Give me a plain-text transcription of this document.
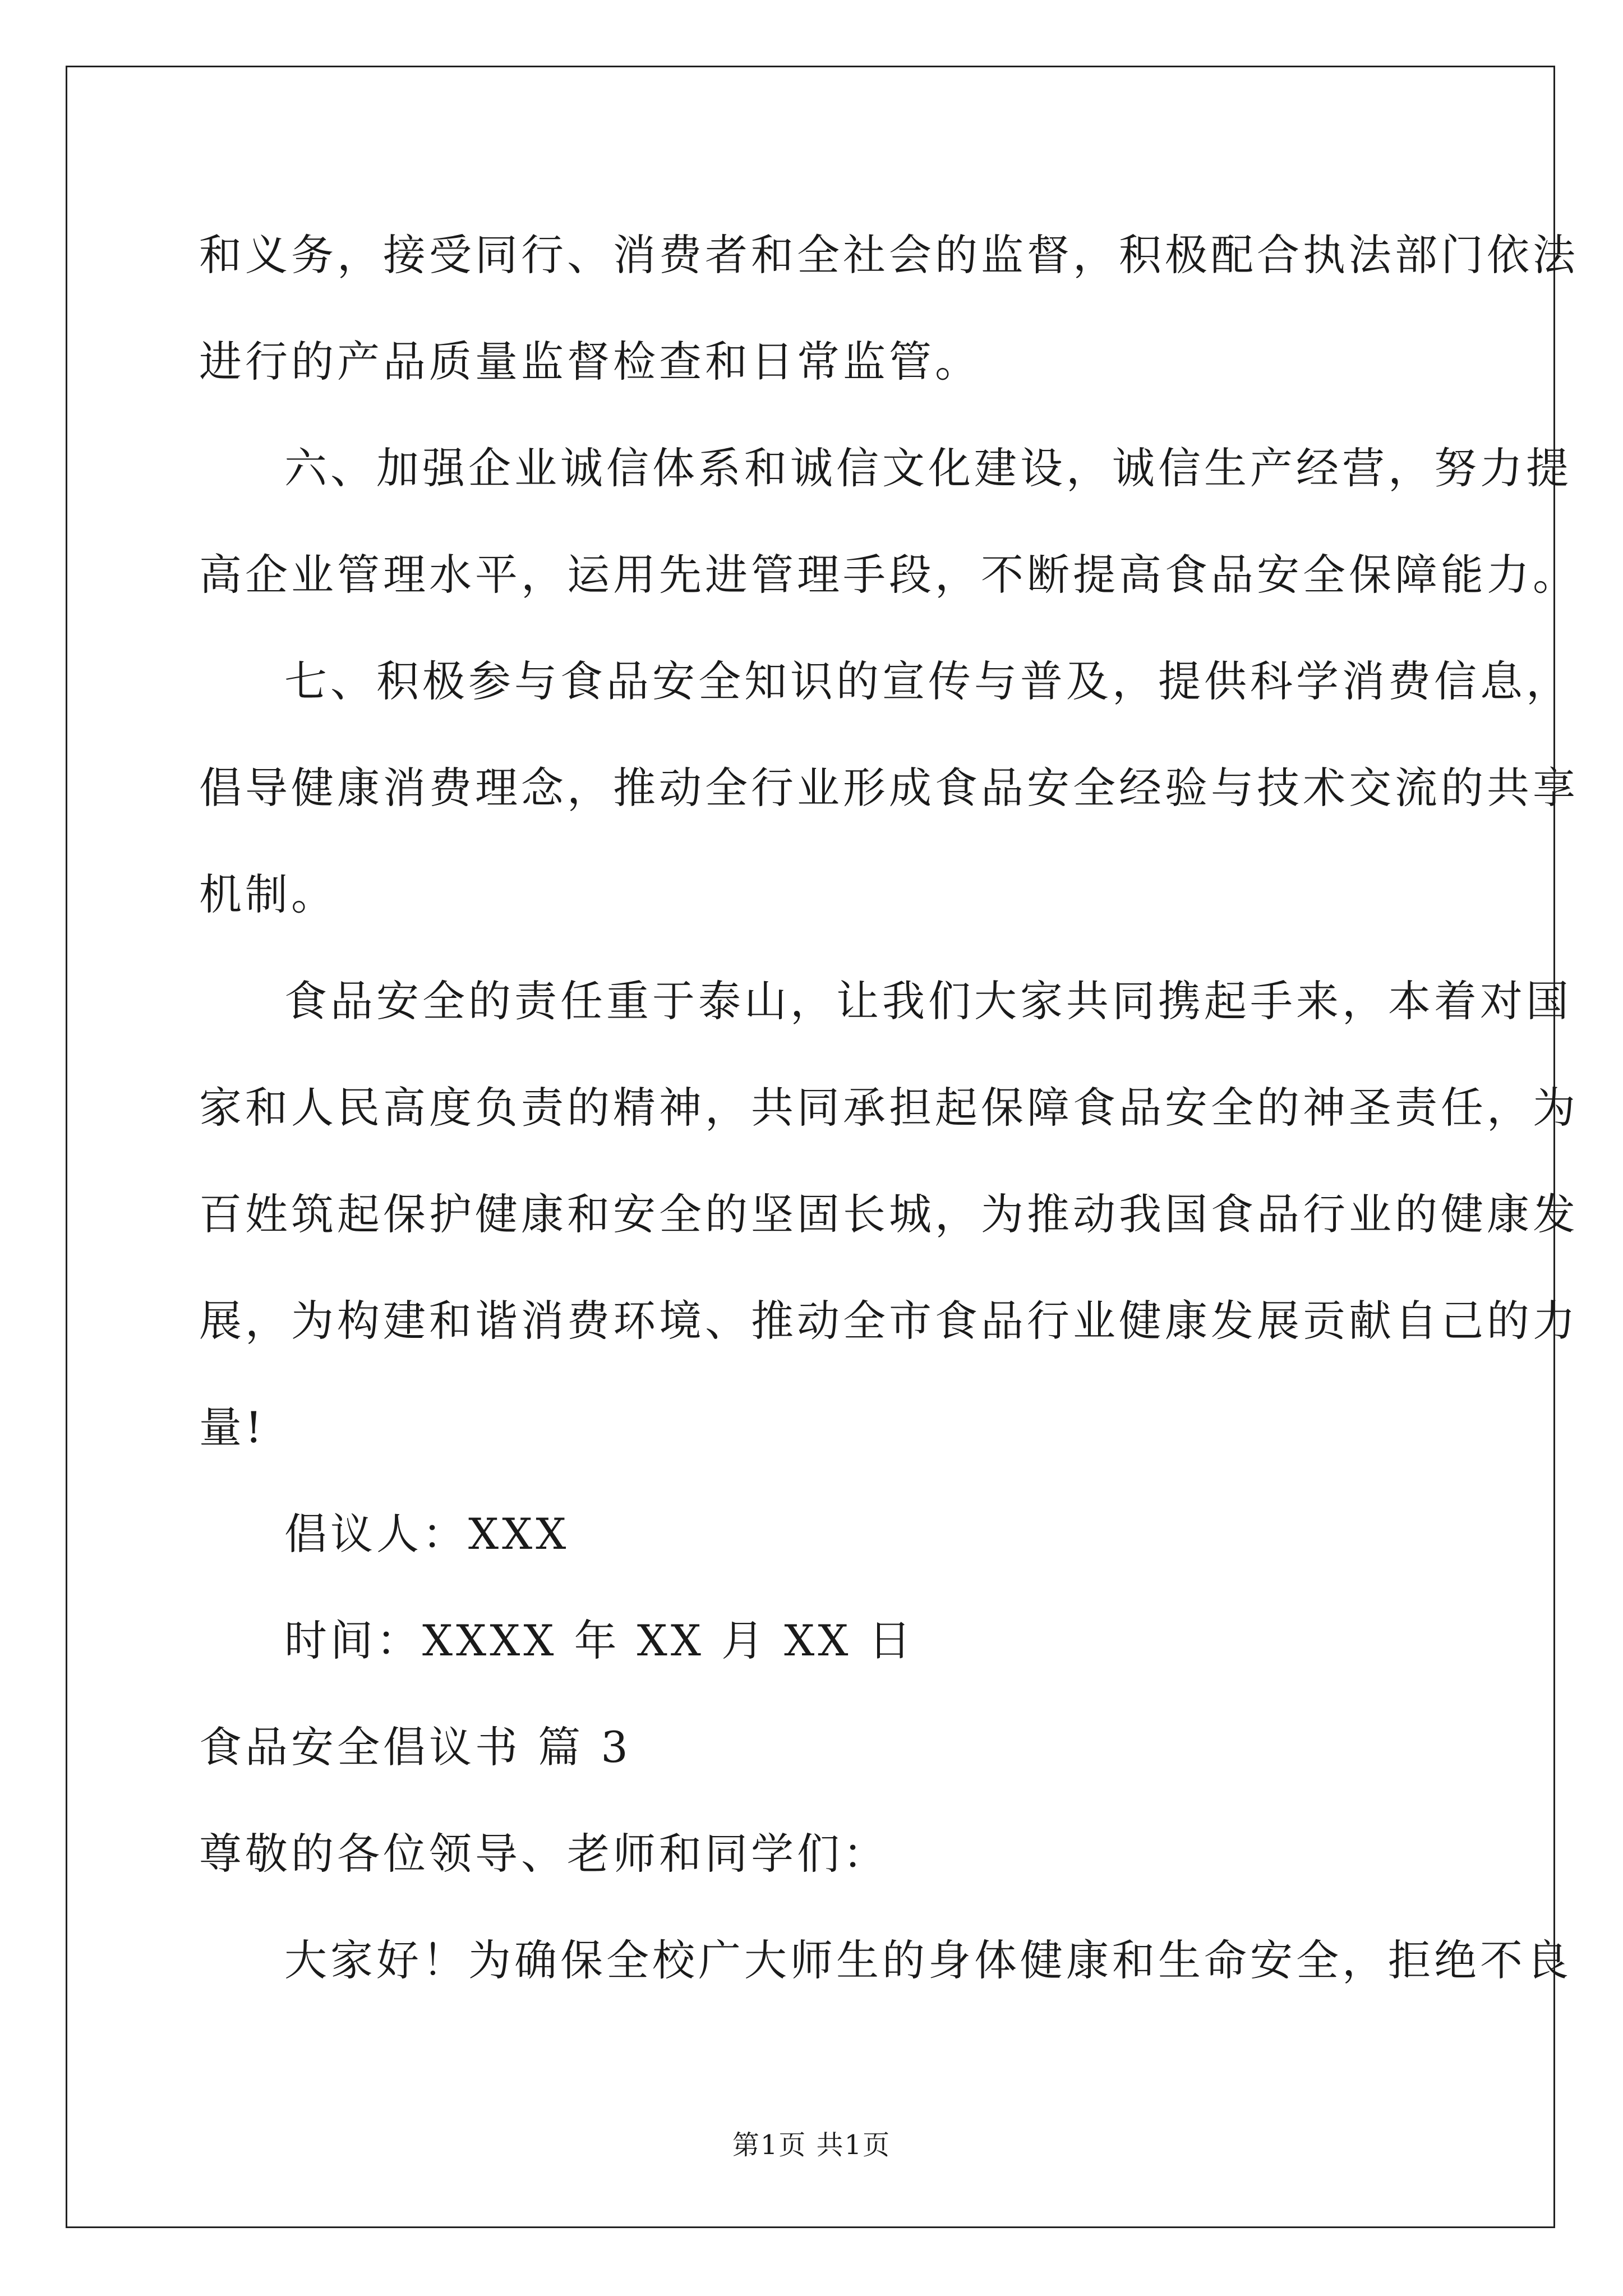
和义务，接受同行、消费者和全社会的监督，积极配合执法部门依法
进行的产品质量监督检查和日常监管。

六、加强企业诚信体系和诚信文化建设，诚信生产经营，努力提
高企业管理水平，运用先进管理手段，不断提高食品安全保障能力。

七、积极参与食品安全知识的宣传与普及，提供科学消费信息，
倡导健康消费理念，推动全行业形成食品安全经验与技术交流的共享
机制。

食品安全的责任重于泰山，让我们大家共同携起手来，本着对国
家和人民高度负责的精神，共同承担起保障食品安全的神圣责任，为
百姓筑起保护健康和安全的坚固长城，为推动我国食品行业的健康发
展，为构建和谐消费环境、推动全市食品行业健康发展贡献自己的力
量!

倡议人：XXX

时间：XXXX 年 XX 月 XX 日

食品安全倡议书 篇 3

尊敬的各位领导、老师和同学们：

大家好！为确保全校广大师生的身体健康和生命安全，拒绝不良

第1页 共1页
